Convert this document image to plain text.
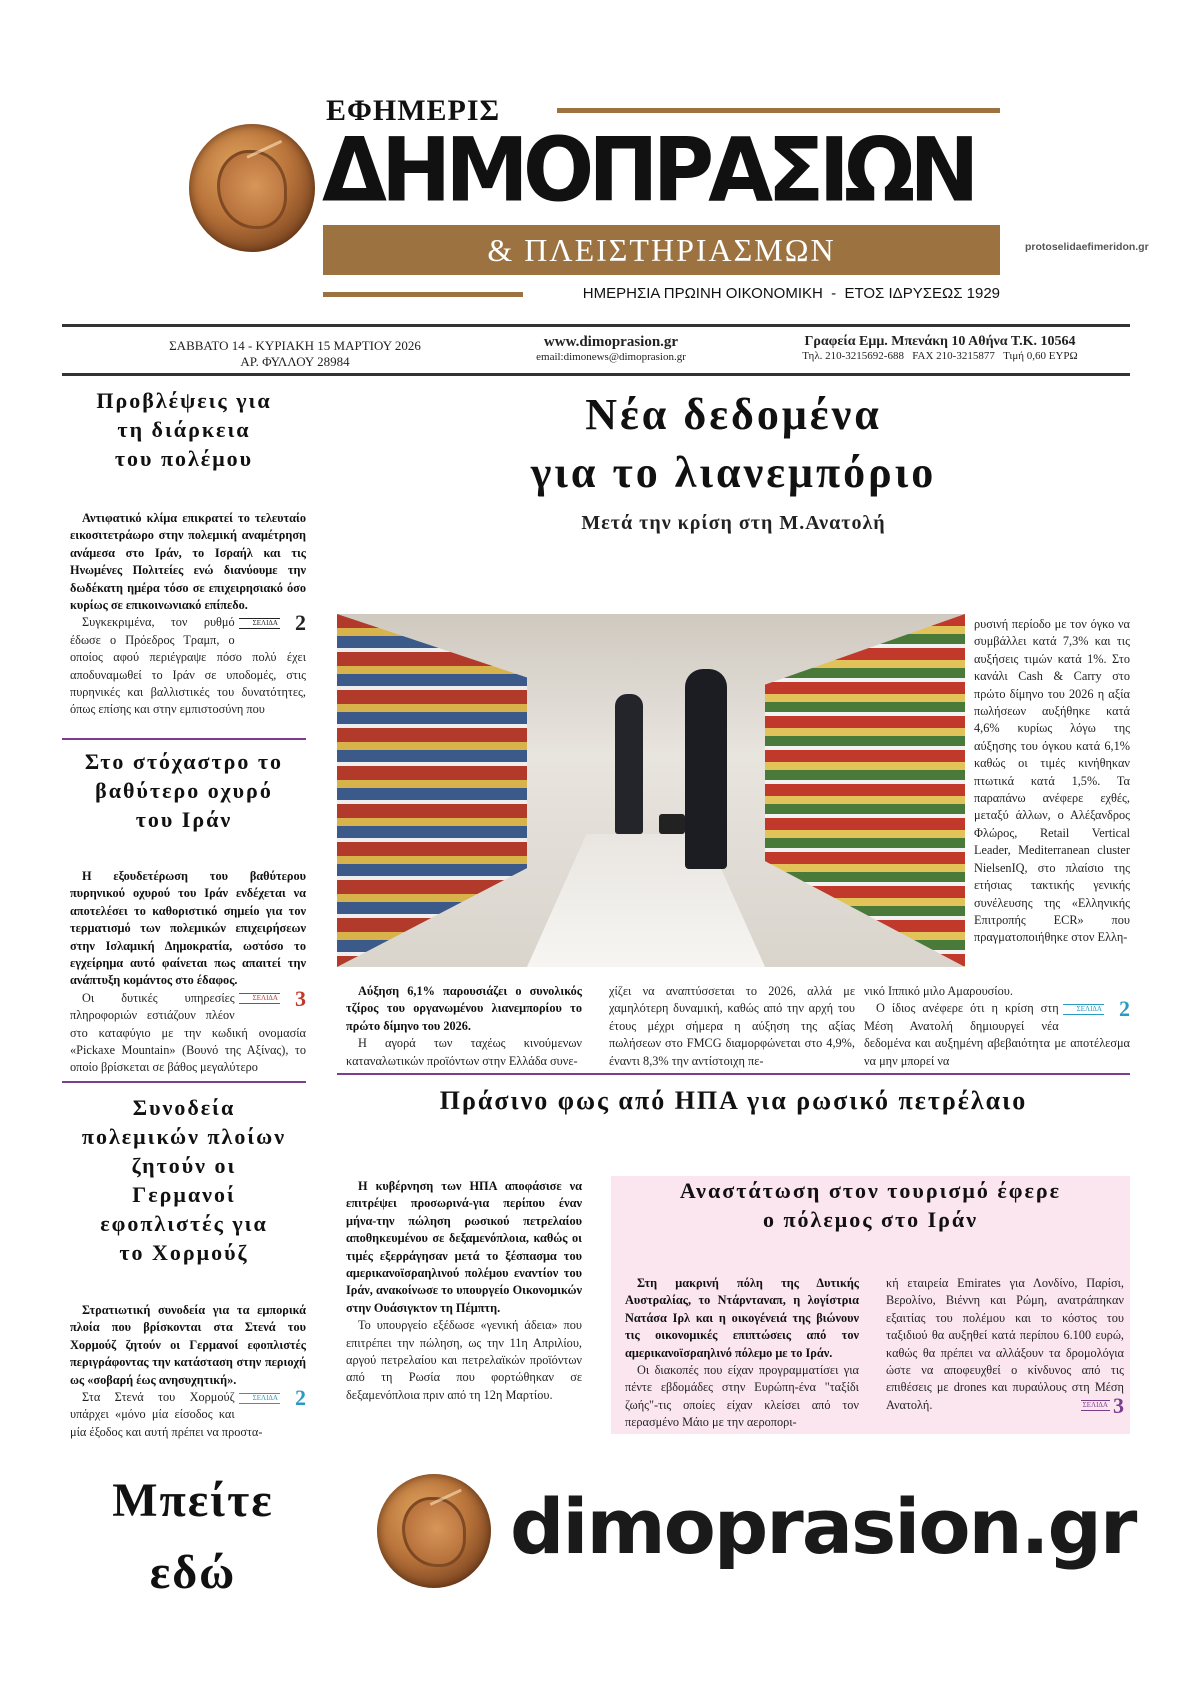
ΕΦΗΜΕΡΙΣ
ΔΗΜΟΠΡΑΣΙΩΝ
& ΠΛΕΙΣΤΗΡΙΑΣΜΩΝ
ΗΜΕΡΗΣΙΑ ΠΡΩΙΝΗ ΟΙΚΟΝΟΜΙΚΗ  -  ΕΤΟΣ ΙΔΡΥΣΕΩΣ 1929
protoselidaefimeridon.gr
ΣΑΒΒΑΤΟ 14 - ΚΥΡΙΑΚΗ 15 ΜΑΡΤΙΟΥ 2026
ΑΡ. ΦΥΛΛΟΥ 28984
www.dimoprasion.gr
email:dimonews@dimoprasion.gr
Γραφεία Εμμ. Μπενάκη 10 Αθήνα Τ.Κ. 10564
Τηλ. 210-3215692-688   FAX 210-3215877   Τιμή 0,60 ΕΥΡΩ
Προβλέψεις για
τη διάρκεια
του πολέμου

Αντιφατικό κλίμα επικρατεί το τελευταίο εικοσιτετράωρο στην πολεμική αναμέτρηση ανάμεσα στο Ιράν, το Ισραήλ και τις Ηνωμένες Πολιτείες ενώ διανύουμε την δωδέκατη ημέρα τόσο σε επιχειρησιακό όσο κυρίως σε επικοινωνιακό επίπεδο.

ΣΕΛΙΔΑ 2
Συγκεκριμένα, τον ρυθμό έδωσε ο Πρόεδρος Τραμπ, ο οποίος αφού περιέγραψε πόσο πολύ έχει αποδυναμωθεί το Ιράν σε υποδομές, στις πυρηνικές και βαλλιστικές του δυνατότητες, όπως επίσης και στην εμπιστοσύνη που

Στο στόχαστρο το
βαθύτερο οχυρό
του Ιράν

Η εξουδετέρωση του βαθύτερου πυρηνικού οχυρού του Ιράν ενδέχεται να αποτελέσει το καθοριστικό σημείο για τον τερματισμό των πολεμικών επιχειρήσεων στην Ισλαμική Δημοκρατία, ωστόσο το εγχείρημα αυτό φαίνεται πως απαιτεί την ανάπτυξη κομάντος στο έδαφος.

ΣΕΛΙΔΑ 3
Οι δυτικές υπηρεσίες πληροφοριών εστιάζουν πλέον στο καταφύγιο με την κωδική ονομασία «Pickaxe Mountain» (Βουνό της Αξίνας), το οποίο βρίσκεται σε βάθος μεγαλύτερο

Συνοδεία
πολεμικών πλοίων
ζητούν οι
Γερμανοί
εφοπλιστές για
το Χορμούζ

Στρατιωτική συνοδεία για τα εμπορικά πλοία που βρίσκονται στα Στενά του Χορμούζ ζητούν οι Γερμανοί εφοπλιστές περιγράφοντας την κατάσταση στην περιοχή ως «σοβαρή έως ανησυχητική».

ΣΕΛΙΔΑ 2
Στα Στενά του Χορμούζ υπάρχει «μόνο μία είσοδος και μία έξοδος και αυτή πρέπει να προστα-

Νέα δεδομένα
για το λιανεμπόριο
Μετά την κρίση στη Μ.Ανατολή

ρυσινή περίοδο με τον όγκο να συμβάλλει κατά 7,3% και τις αυξήσεις τιμών κατά 1%. Στο κανάλι Cash & Carry στο πρώτο δίμηνο του 2026 η αξία πωλήσεων αυξήθηκε κατά 4,6% κυρίως λόγω της αύξησης του όγκου κατά 6,1% καθώς οι τιμές κινήθηκαν πτωτικά κατά 1,5%. Τα παραπάνω ανέφερε εχθές, μεταξύ άλλων, ο Αλέξανδρος Φλώρος, Retail Vertical Leader, Mediterranean cluster NielsenIQ, στο πλαίσιο της ετήσιας τακτικής γενικής συνέλευσης της «Ελληνικής Επιτροπής ECR» που πραγματοποιήθηκε στον Ελλη-

Αύξηση 6,1% παρουσιάζει ο συνολικός τζίρος του οργανωμένου λιανεμπορίου το πρώτο δίμηνο του 2026.

Η αγορά των ταχέως κινούμενων καταναλωτικών προϊόντων στην Ελλάδα συνε-

χίζει να αναπτύσσεται το 2026, αλλά με χαμηλότερη δυναμική, καθώς από την αρχή του έτους μέχρι σήμερα η αύξηση της αξίας πωλήσεων στο FMCG διαμορφώνεται στο 4,9%, έναντι 8,3% την αντίστοιχη πε-

νικό Ιππικό μιλο Αμαρουσίου.

ΣΕΛΙΔΑ 2
Ο ίδιος ανέφερε ότι η κρίση στη Μέση Ανατολή δημιουργεί νέα δεδομένα και αυξημένη αβεβαιότητα με αποτέλεσμα να μην μπορεί να

Πράσινο φως από ΗΠΑ για ρωσικό πετρέλαιο

Η κυβέρνηση των ΗΠΑ αποφάσισε να επιτρέψει προσωρινά-για περίπου έναν μήνα-την πώληση ρωσικού πετρελαίου αποθηκευμένου σε δεξαμενόπλοια, καθώς οι τιμές εξερράγησαν μετά το ξέσπασμα του αμερικανοϊσραηλινού πολέμου εναντίον του Ιράν, ανακοίνωσε το υπουργείο Οικονομικών στην Ουάσιγκτον τη Πέμπτη.

Το υπουργείο εξέδωσε «γενική άδεια» που επιτρέπει την πώληση, ως την 11η Απριλίου, αργού πετρελαίου και πετρελαϊκών προϊόντων από τη Ρωσία που φορτώθηκαν σε δεξαμενόπλοια πριν από τη 12η Μαρτίου.

Αναστάτωση στον τουρισμό έφερε
ο πόλεμος στο Ιράν

Στη μακρινή πόλη της Δυτικής Αυστραλίας, το Ντάρνταναπ, η λογίστρια Νατάσα Ιρλ και η οικογένειά της βιώνουν τις οικονομικές επιπτώσεις από τον αμερικανοϊσραηλινό πόλεμο με το Ιράν.

Οι διακοπές που είχαν προγραμματίσει για πέντε εβδομάδες στην Ευρώπη-ένα "ταξίδι ζωής"-τις οποίες είχαν κλείσει από τον περασμένο Μάιο με την αεροπορι-

κή εταιρεία Emirates για Λονδίνο, Παρίσι, Βερολίνο, Βιέννη και Ρώμη, ανατράπηκαν εξαιτίας του πολέμου και το κόστος του ταξιδιού θα αυξηθεί κατά περίπου 6.100 ευρώ, καθώς θα πρέπει να αλλάξουν τα δρομολόγια ώστε να αποφευχθεί ο κίνδυνος από τις επιθέσεις με drones και πυραύλους στη Μέση Ανατολή.	ΣΕΛΙΔΑ 3

Μπείτε
εδώ
dimoprasion.gr
